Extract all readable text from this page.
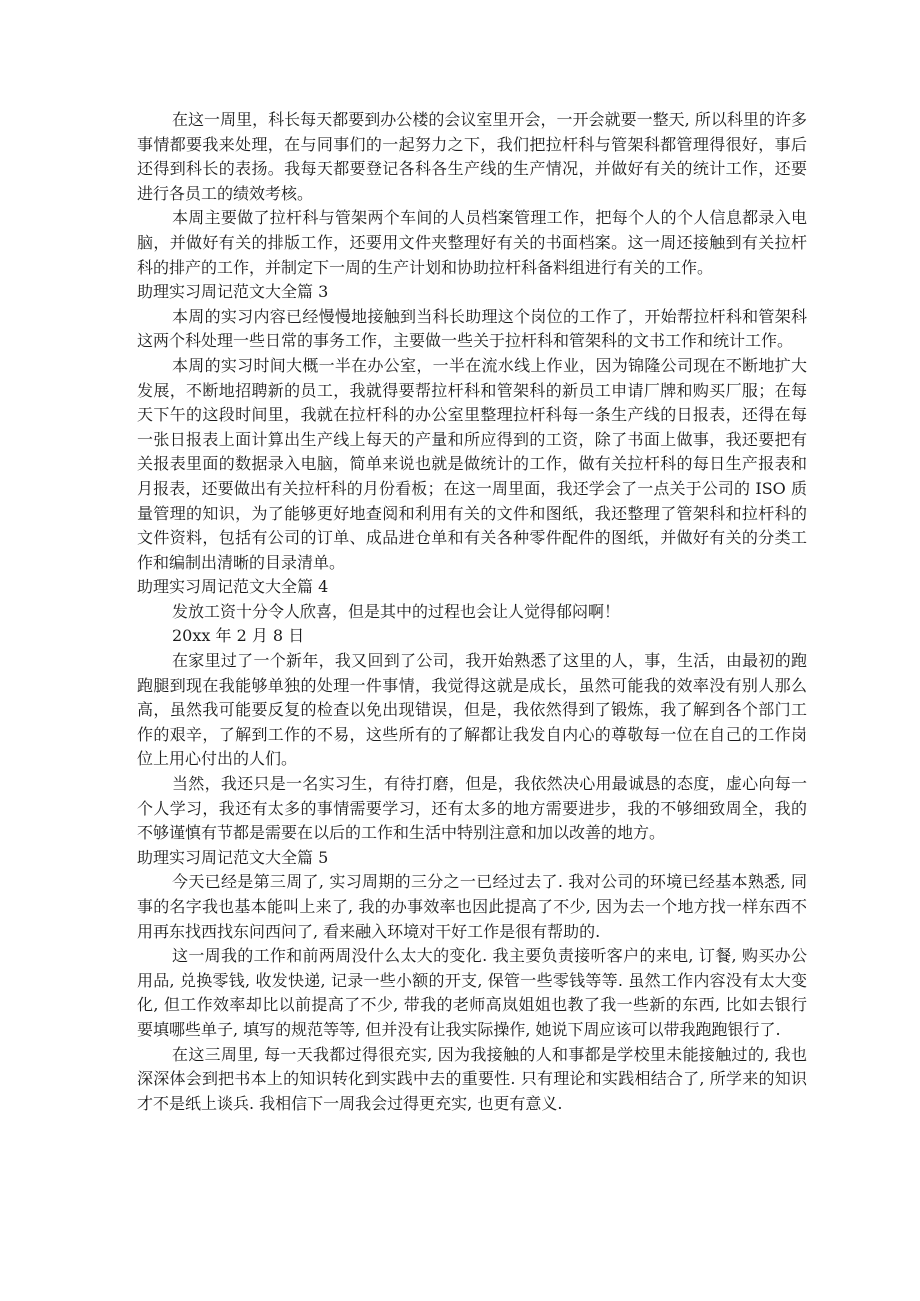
在这一周里，科长每天都要到办公楼的会议室里开会，一开会就要一整天, 所以科里的许多事情都要我来处理，在与同事们的一起努力之下，我们把拉杆科与管架科都管理得很好，事后还得到科长的表扬。我每天都要登记各科各生产线的生产情况，并做好有关的统计工作，还要进行各员工的绩效考核。

本周主要做了拉杆科与管架两个车间的人员档案管理工作，把每个人的个人信息都录入电脑，并做好有关的排版工作，还要用文件夹整理好有关的书面档案。这一周还接触到有关拉杆科的排产的工作，并制定下一周的生产计划和协助拉杆科备料组进行有关的工作。

助理实习周记范文大全篇 3

本周的实习内容已经慢慢地接触到当科长助理这个岗位的工作了，开始帮拉杆科和管架科这两个科处理一些日常的事务工作，主要做一些关于拉杆科和管架科的文书工作和统计工作。

本周的实习时间大概一半在办公室，一半在流水线上作业，因为锦隆公司现在不断地扩大发展，不断地招聘新的员工，我就得要帮拉杆科和管架科的新员工申请厂牌和购买厂服；在每天下午的这段时间里，我就在拉杆科的办公室里整理拉杆科每一条生产线的日报表，还得在每一张日报表上面计算出生产线上每天的产量和所应得到的工资，除了书面上做事，我还要把有关报表里面的数据录入电脑，简单来说也就是做统计的工作，做有关拉杆科的每日生产报表和月报表，还要做出有关拉杆科的月份看板；在这一周里面，我还学会了一点关于公司的 ISO 质量管理的知识，为了能够更好地查阅和利用有关的文件和图纸，我还整理了管架科和拉杆科的文件资料，包括有公司的订单、成品进仓单和有关各种零件配件的图纸，并做好有关的分类工作和编制出清晰的目录清单。

助理实习周记范文大全篇 4

发放工资十分令人欣喜，但是其中的过程也会让人觉得郁闷啊！

20xx 年 2 月 8 日

在家里过了一个新年，我又回到了公司，我开始熟悉了这里的人，事，生活，由最初的跑跑腿到现在我能够单独的处理一件事情，我觉得这就是成长，虽然可能我的效率没有别人那么高，虽然我可能要反复的检查以免出现错误，但是，我依然得到了锻炼，我了解到各个部门工作的艰辛，了解到工作的不易，这些所有的了解都让我发自内心的尊敬每一位在自己的工作岗位上用心付出的人们。

当然，我还只是一名实习生，有待打磨，但是，我依然决心用最诚恳的态度，虚心向每一个人学习，我还有太多的事情需要学习，还有太多的地方需要进步，我的不够细致周全，我的不够谨慎有节都是需要在以后的工作和生活中特别注意和加以改善的地方。

助理实习周记范文大全篇 5

今天已经是第三周了, 实习周期的三分之一已经过去了. 我对公司的环境已经基本熟悉, 同事的名字我也基本能叫上来了, 我的办事效率也因此提高了不少, 因为去一个地方找一样东西不用再东找西找东问西问了, 看来融入环境对干好工作是很有帮助的.

这一周我的工作和前两周没什么太大的变化. 我主要负责接听客户的来电, 订餐, 购买办公用品, 兑换零钱, 收发快递, 记录一些小额的开支, 保管一些零钱等等. 虽然工作内容没有太大变化, 但工作效率却比以前提高了不少, 带我的老师高岚姐姐也教了我一些新的东西, 比如去银行要填哪些单子, 填写的规范等等, 但并没有让我实际操作, 她说下周应该可以带我跑跑银行了.

在这三周里, 每一天我都过得很充实, 因为我接触的人和事都是学校里未能接触过的, 我也深深体会到把书本上的知识转化到实践中去的重要性. 只有理论和实践相结合了, 所学来的知识才不是纸上谈兵. 我相信下一周我会过得更充实, 也更有意义.
